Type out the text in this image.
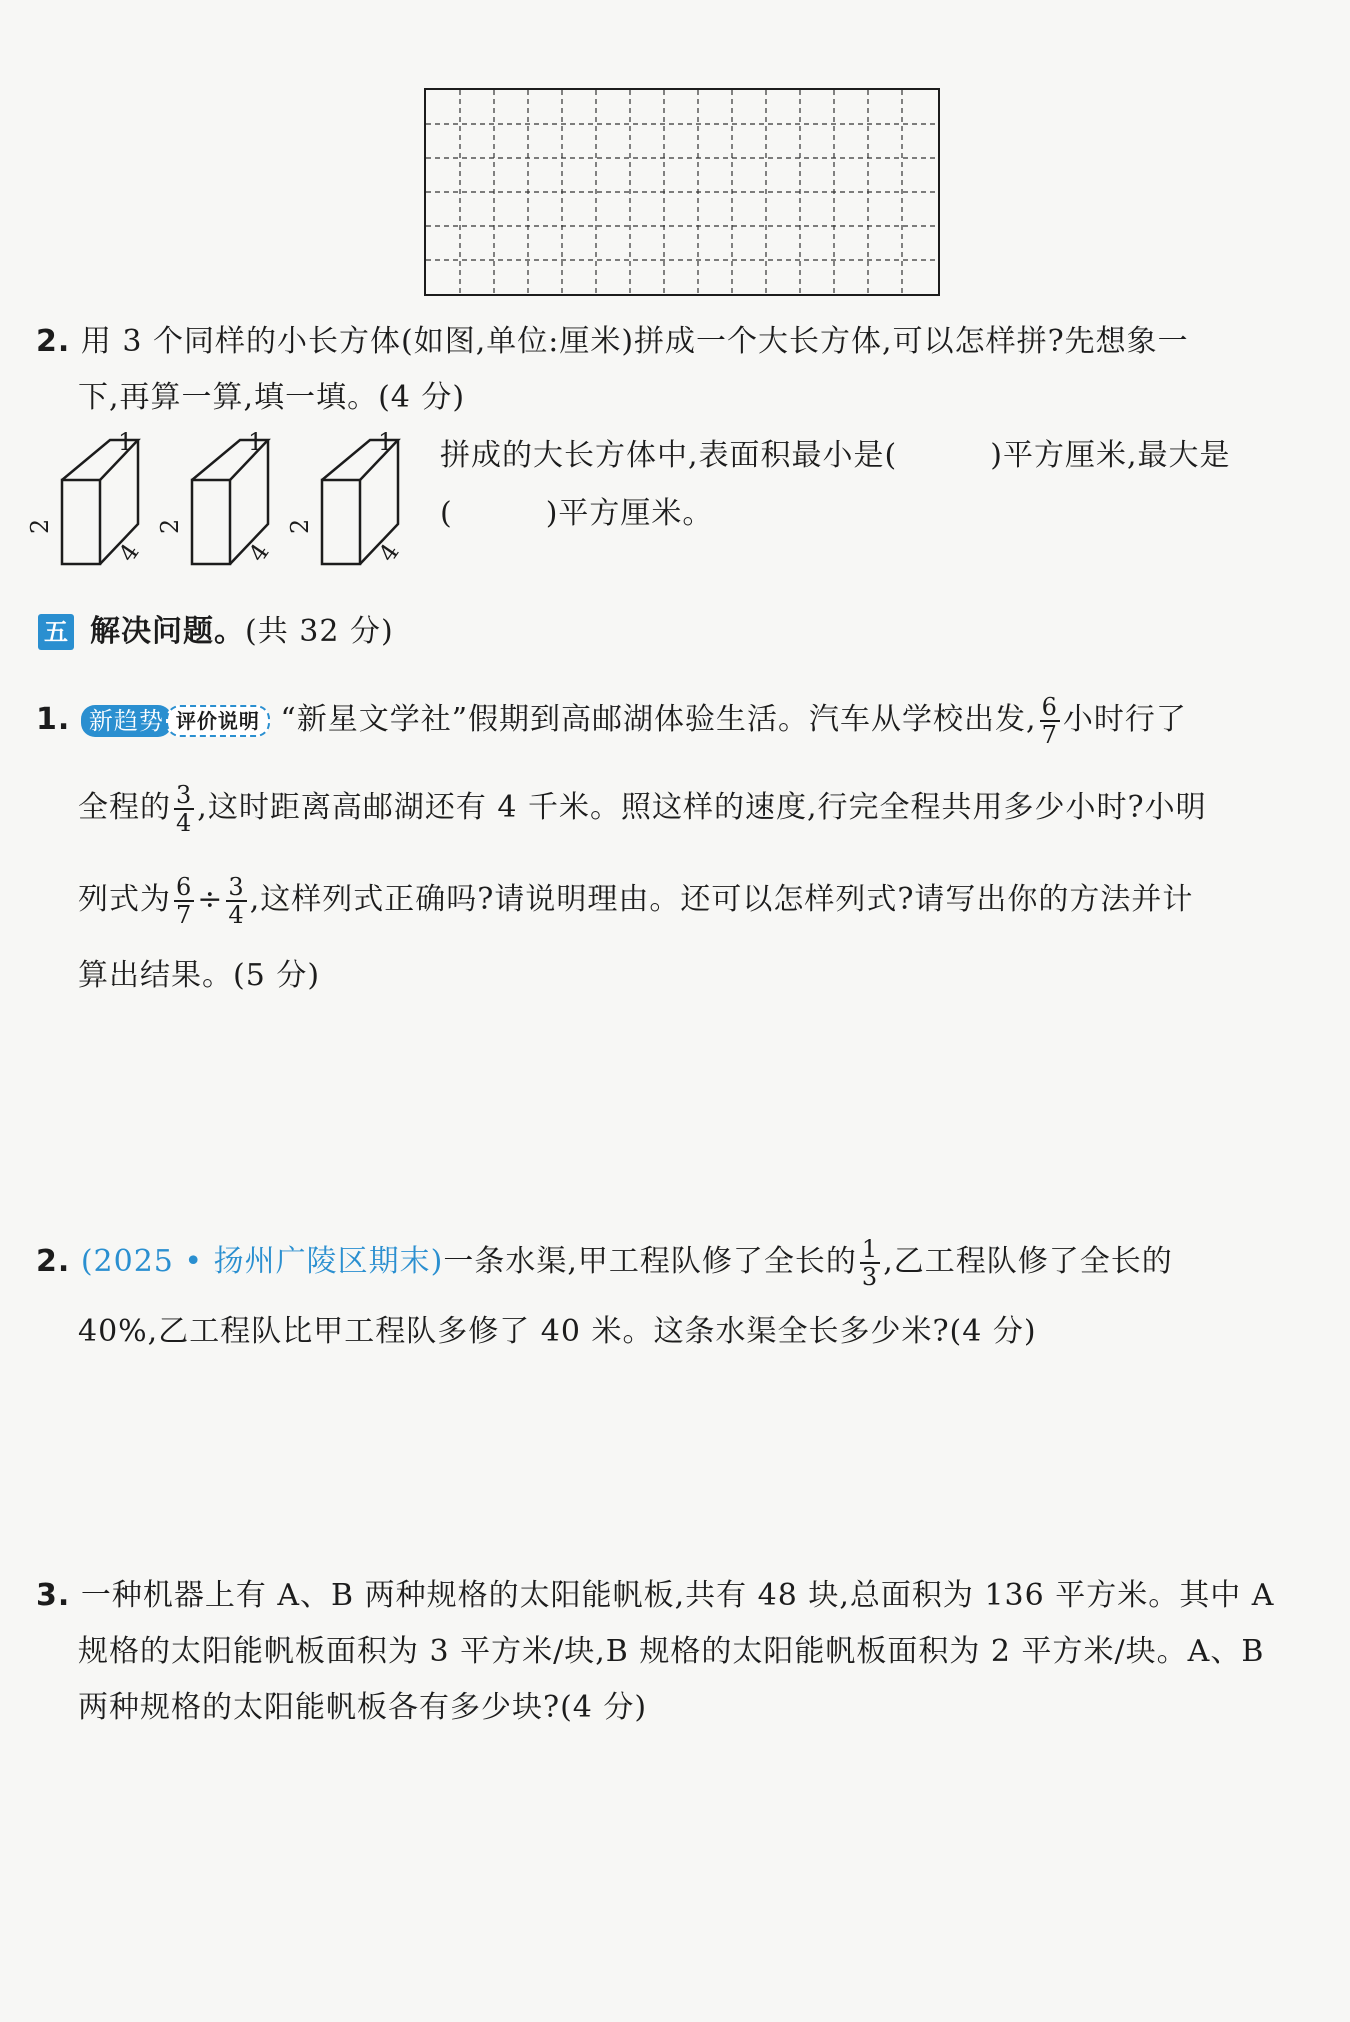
2. 用 3 个同样的小长方体(如图,单位:厘米)拼成一个大长方体,可以怎样拼?先想象一
下,再算一算,填一填。(4 分)
1	1	1
2	2	2
4	4	4
拼成的大长方体中,表面积最小是(　　　)平方厘米,最大是
(　　　)平方厘米。
五 解决问题。(共 32 分)
1. 新趋势 评价说明 “新星文学社”假期到高邮湖体验生活。汽车从学校出发, $\frac{6}{7}$ 小时行了
全程的 $\frac{3}{4}$ ,这时距离高邮湖还有 4 千米。照这样的速度,行完全程共用多少小时?小明
列式为 $\frac{6}{7} \div \frac{3}{4}$ ,这样列式正确吗?请说明理由。还可以怎样列式?请写出你的方法并计
算出结果。(5 分)
2. (2025 • 扬州广陵区期末)一条水渠,甲工程队修了全长的 $\frac{1}{3}$ ,乙工程队修了全长的
40%,乙工程队比甲工程队多修了 40 米。这条水渠全长多少米?(4 分)
3. 一种机器上有 A、B 两种规格的太阳能帆板,共有 48 块,总面积为 136 平方米。其中 A
规格的太阳能帆板面积为 3 平方米/块,B 规格的太阳能帆板面积为 2 平方米/块。A、B
两种规格的太阳能帆板各有多少块?(4 分)
